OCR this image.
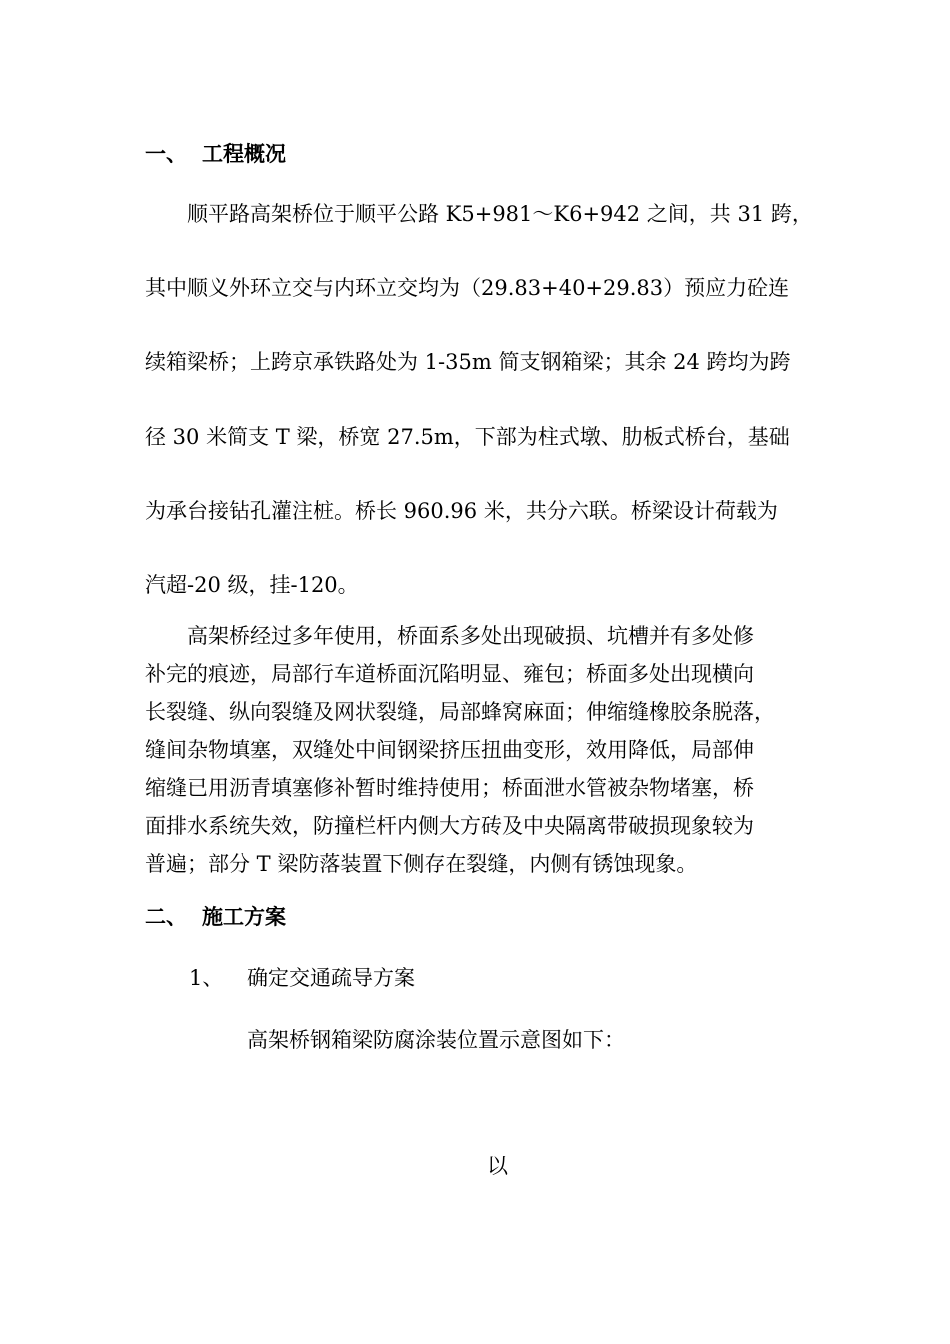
一、 工程概况
顺平路高架桥位于顺平公路 K5+981～K6+942 之间，共 31 跨，
其中顺义外环立交与内环立交均为（29.83+40+29.83）预应力砼连
续箱梁桥；上跨京承铁路处为 1-35m 简支钢箱梁；其余 24 跨均为跨
径 30 米简支 T 梁，桥宽 27.5m，下部为柱式墩、肋板式桥台，基础
为承台接钻孔灌注桩。桥长 960.96 米，共分六联。桥梁设计荷载为
汽超-20 级，挂-120。
高架桥经过多年使用，桥面系多处出现破损、坑槽并有多处修
补完的痕迹，局部行车道桥面沉陷明显、雍包；桥面多处出现横向
长裂缝、纵向裂缝及网状裂缝，局部蜂窝麻面；伸缩缝橡胶条脱落，
缝间杂物填塞，双缝处中间钢梁挤压扭曲变形，效用降低，局部伸
缩缝已用沥青填塞修补暂时维持使用；桥面泄水管被杂物堵塞，桥
面排水系统失效，防撞栏杆内侧大方砖及中央隔离带破损现象较为
普遍；部分 T 梁防落装置下侧存在裂缝，内侧有锈蚀现象。
二、 施工方案
1、 确定交通疏导方案
高架桥钢箱梁防腐涂装位置示意图如下：
以
